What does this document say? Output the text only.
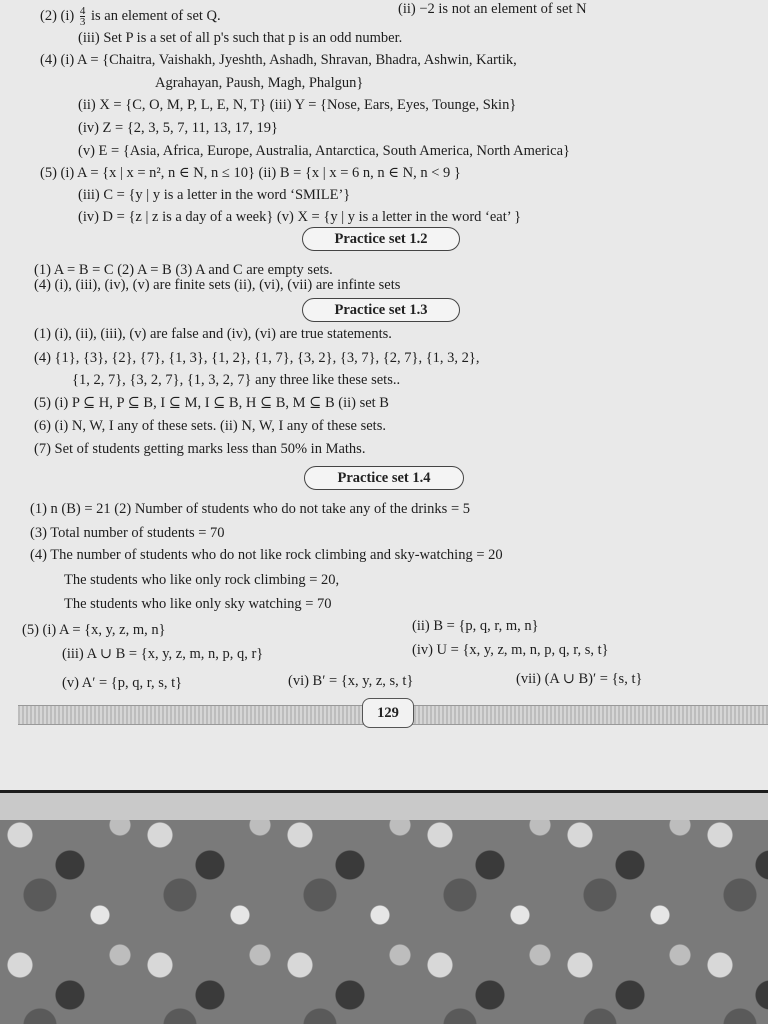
(2) $(i) \frac{4}{3}$ is an element of set Q.	(ii) −2 is not an element of set N
(iii) Set P is a set of all p's such that p is an odd number.
(4) (i) A = {Chaitra, Vaishakh, Jyeshth, Ashadh, Shravan, Bhadra, Ashwin, Kartik,
Agrahayan, Paush, Magh, Phalgun}
(ii) X = {C, O, M, P, L, E, N, T} (iii) Y = {Nose, Ears, Eyes, Tounge, Skin}
(iv) Z = {2, 3, 5, 7, 11, 13, 17, 19}
(v) E = {Asia, Africa, Europe, Australia, Antarctica, South America, North America}
(5) (i) A = {x | x = n², n ∈ N, n ≤ 10} (ii) B = {x | x = 6 n, n ∈ N, n < 9 }
(iii) C = {y | y is a letter in the word ‘SMILE’}
(iv) D = {z | z is a day of a week} (v) X = {y | y is a letter in the word ‘eat’ }
Practice set 1.2
(1) A = B = C (2) A = B (3) A and C are empty sets.
(4) (i), (iii), (iv), (v) are finite sets (ii), (vi), (vii) are infinte sets
Practice set 1.3
(1) (i), (ii), (iii), (v) are false and (iv), (vi) are true statements.
(4) {1}, {3}, {2}, {7}, {1, 3}, {1, 2}, {1, 7}, {3, 2}, {3, 7}, {2, 7}, {1, 3, 2},
{1, 2, 7}, {3, 2, 7}, {1, 3, 2, 7} any three like these sets..
(5) (i) P ⊆ H, P ⊆ B, I ⊆ M, I ⊆ B, H ⊆ B, M ⊆ B (ii) set B
(6) (i) N, W, I any of these sets. (ii) N, W, I any of these sets.
(7) Set of students getting marks less than 50% in Maths.
Practice set 1.4
(1) n (B) = 21 (2) Number of students who do not take any of the drinks = 5
(3) Total number of students = 70
(4) The number of students who do not like rock climbing and sky-watching = 20
The students who like only rock climbing = 20,
The students who like only sky watching = 70
(5) (i) A = {x, y, z, m, n}	(ii) B = {p, q, r, m, n}
(iii) A ∪ B = {x, y, z, m, n, p, q, r}	(iv) U = {x, y, z, m, n, p, q, r, s, t}
(v) A′ = {p, q, r, s, t}	(vi) B′ = {x, y, z, s, t}	(vii) (A ∪ B)′ = {s, t}
129
